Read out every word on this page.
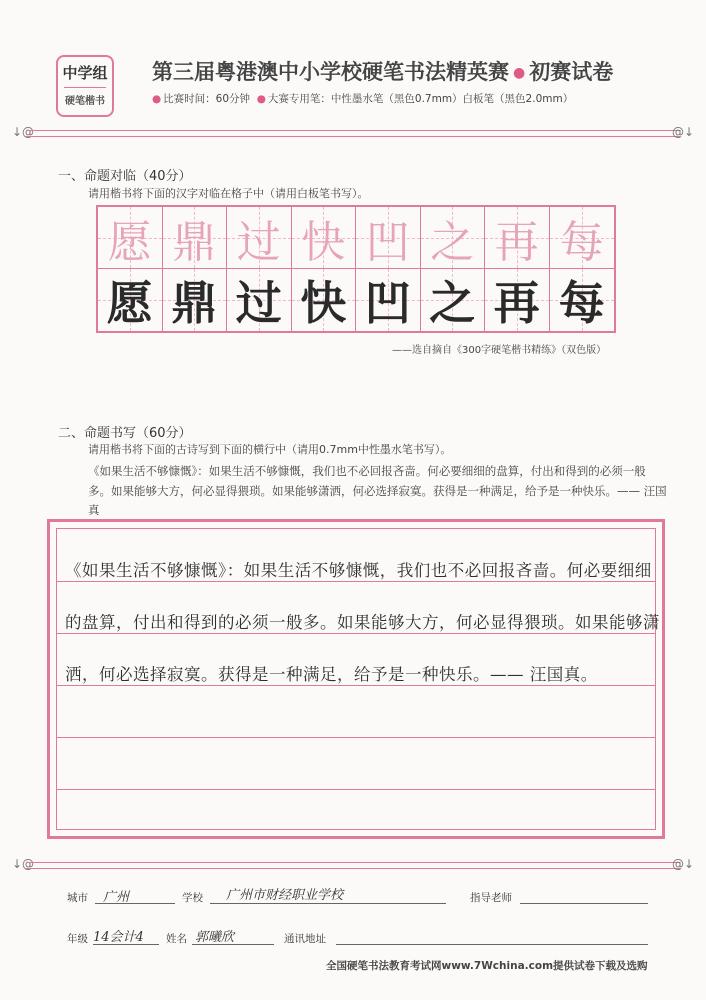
中学组
硬笔楷书
第三届粤港澳中小学校硬笔书法精英赛 ● 初赛试卷
● 比赛时间：60分钟 ● 大赛专用笔：中性墨水笔（黑色0.7mm）白板笔（黑色2.0mm）
↓@	@↓
一、命题对临（40分）
请用楷书将下面的汉字对临在格子中（请用白板笔书写）。
愿 鼎 过 快 凹 之 再 每
愿 鼎 过 快 凹 之 再 每
——选自摘自《300字硬笔楷书精练》（双色版）
二、命题书写（60分）
请用楷书将下面的古诗写到下面的横行中（请用0.7mm中性墨水笔书写）。
《如果生活不够慷慨》：如果生活不够慷慨，我们也不必回报吝啬。何必要细细的盘算，付出和得到的必须一般多。如果能够大方，何必显得猥琐。如果能够潇洒，何必选择寂寞。获得是一种满足，给予是一种快乐。—— 汪国真
《如果生活不够慷慨》：如果生活不够慷慨，我们也不必回报吝啬。何必要细细
的盘算，付出和得到的必须一般多。如果能够大方，何必显得猥琐。如果能够潇
洒，何必选择寂寞。获得是一种满足，给予是一种快乐。—— 汪国真。
↓@	@↓
城市 广州	学校 广州市财经职业学校	指导老师
年级 14会计4 姓名 郭曦欣	通讯地址
全国硬笔书法教育考试网www.7Wchina.com提供试卷下载及选购
